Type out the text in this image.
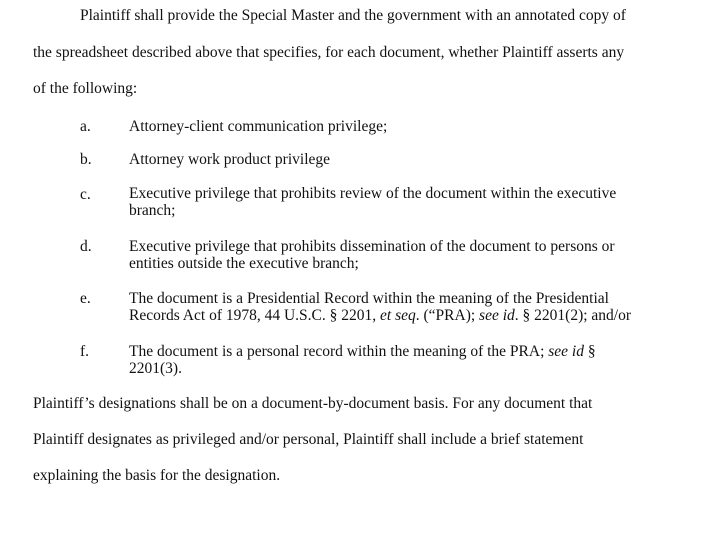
Plaintiff shall provide the Special Master and the government with an annotated copy of
the spreadsheet described above that specifies, for each document, whether Plaintiff asserts any
of the following:
a. Attorney-client communication privilege;
b. Attorney work product privilege
c. Executive privilege that prohibits review of the document within the executive
branch;
d. Executive privilege that prohibits dissemination of the document to persons or
entities outside the executive branch;
e. The document is a Presidential Record within the meaning of the Presidential
Records Act of 1978, 44 U.S.C. § 2201, et seq. (“PRA); see id. § 2201(2); and/or
f.	The document is a personal record within the meaning of the PRA; see id §
2201(3).
Plaintiff’s designations shall be on a document-by-document basis. For any document that
Plaintiff designates as privileged and/or personal, Plaintiff shall include a brief statement
explaining the basis for the designation.
